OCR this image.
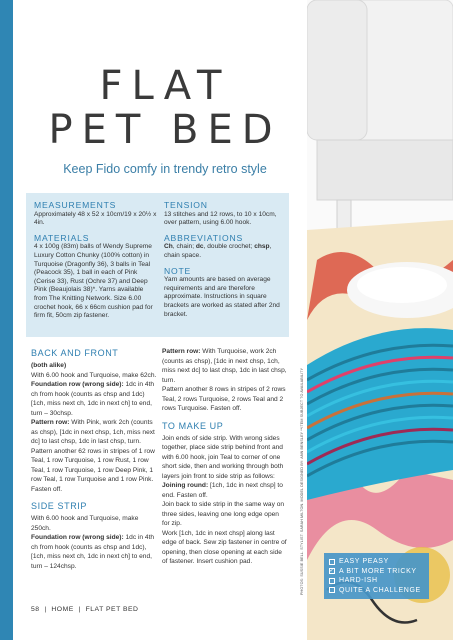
FLAT
PET BED
Keep Fido comfy in trendy retro style
MEASUREMENTS
Approximately 48 x 52 x 10cm/19 x 20½ x 4in.
MATERIALS
4 x 100g (83m) balls of Wendy Supreme Luxury Cotton Chunky (100% cotton) in Turquoise (Dragonfly 36), 3 balls in Teal (Peacock 35), 1 ball in each of Pink (Cerise 33), Rust (Ochre 37) and Deep Pink (Beaujolais 38)*. Yarns available from The Knitting Network. Size 6.00 crochet hook, 66 x 66cm cushion pad for firm fit, 50cm zip fastener.
TENSION
13 stitches and 12 rows, to 10 x 10cm, over pattern, using 6.00 hook.
ABBREVIATIONS
Ch, chain; dc, double crochet; chsp, chain space.
NOTE
Yarn amounts are based on average requirements and are therefore approximate. Instructions in square brackets are worked as stated after 2nd bracket.
BACK AND FRONT
(both alike)
With 6.00 hook and Turquoise, make 62ch.
Foundation row (wrong side): 1dc in 4th ch from hook (counts as chsp and 1dc) [1ch, miss next ch, 1dc in next ch] to end, turn – 30chsp.
Pattern row: With Pink, work 2ch (counts as chsp), [1dc in next chsp, 1ch, miss next dc] to last chsp, 1dc in last chsp, turn.
Pattern another 62 rows in stripes of 1 row Teal, 1 row Turquoise, 1 row Rust, 1 row Teal, 1 row Turquoise, 1 row Deep Pink, 1 row Teal, 1 row Turquoise and 1 row Pink. Fasten off.
SIDE STRIP
With 6.00 hook and Turquoise, make 250ch.
Foundation row (wrong side): 1dc in 4th ch from hook (counts as chsp and 1dc), [1ch, miss next ch, 1dc in next ch] to end, turn – 124chsp.
Pattern row: With Turquoise, work 2ch (counts as chsp), [1dc in next chsp, 1ch, miss next dc] to last chsp, 1dc in last chsp, turn.
Pattern another 8 rows in stripes of 2 rows Teal, 2 rows Turquoise, 2 rows Teal and 2 rows Turquoise. Fasten off.
TO MAKE UP
Join ends of side strip. With wrong sides together, place side strip behind front and with 6.00 hook, join Teal to corner of one short side, then and working through both layers join front to side strip as follows:
Joining round: [1ch, 1dc in next chsp] to end. Fasten off.
Join back to side strip in the same way on three sides, leaving one long edge open for zip.
Work [1ch, 1dc in next chsp] along last edge of back. Sew zip fastener in centre of opening, then close opening at each side of fastener. Insert cushion pad.
58 | HOME | FLAT PET BED
PHOTOS: SUSSIE BELL. STYLIST: SARAH MILTON. MODEL DESIGNED BY: ANN BENSLEY **ITEM SUBJECT TO AVAILABILITY	EASY PEASY
✓ A BIT MORE TRICKY
HARD-ISH
QUITE A CHALLENGE
